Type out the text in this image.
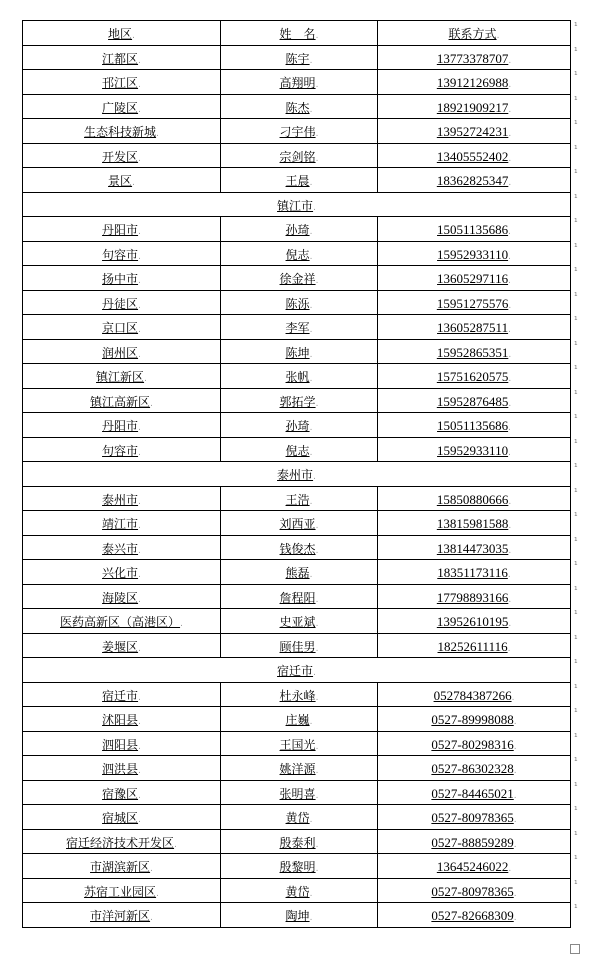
地区.	姓　名.	联系方式.
江都区.	陈宇.	13773378707.
邗江区.	高翔明.	13912126988.
广陵区.	陈杰.	18921909217.
生态科技新城.	刁宇伟.	13952724231.
开发区.	宗剑铭.	13405552402.
景区.	王晨.	18362825347.
镇江市.		
丹阳市.	孙琦.	15051135686.
句容市.	倪志.	15952933110.
扬中市.	徐金祥.	13605297116.
丹徒区.	陈泺.	15951275576.
京口区.	李军.	13605287511.
润州区.	陈坤.	15952865351.
镇江新区.	张帆.	15751620575.
镇江高新区.	郭拓学.	15952876485.
丹阳市.	孙琦.	15051135686.
句容市.	倪志.	15952933110.
泰州市.		
泰州市.	王浩.	15850880666.
靖江市.	刘西亚.	13815981588.
泰兴市.	钱俊杰.	13814473035.
兴化市.	熊磊.	18351173116.
海陵区.	詹程阳.	17798893166.
医药高新区（高港区）.	史亚斌.	13952610195.
姜堰区.	顾佳男.	18252611116.
宿迁市.		
宿迁市.	杜永峰.	052784387266.
沭阳县.	庄巍.	0527-89998088.
泗阳县.	王国光.	0527-80298316.
泗洪县.	姚洋源.	0527-86302328.
宿豫区.	张明喜.	0527-84465021.
宿城区.	黄岱.	0527-80978365.
宿迁经济技术开发区.	殷泰利.	0527-88859289.
市湖滨新区.	殷黎明.	13645246022.
苏宿工业园区.	黄岱.	0527-80978365.
市洋河新区.	陶坤.	0527-82668309.
¹
¹
¹
¹
¹
¹
¹
¹
¹
¹
¹
¹
¹
¹
¹
¹
¹
¹
¹
¹
¹
¹
¹
¹
¹
¹
¹
¹
¹
¹
¹
¹
¹
¹
¹
¹
¹
